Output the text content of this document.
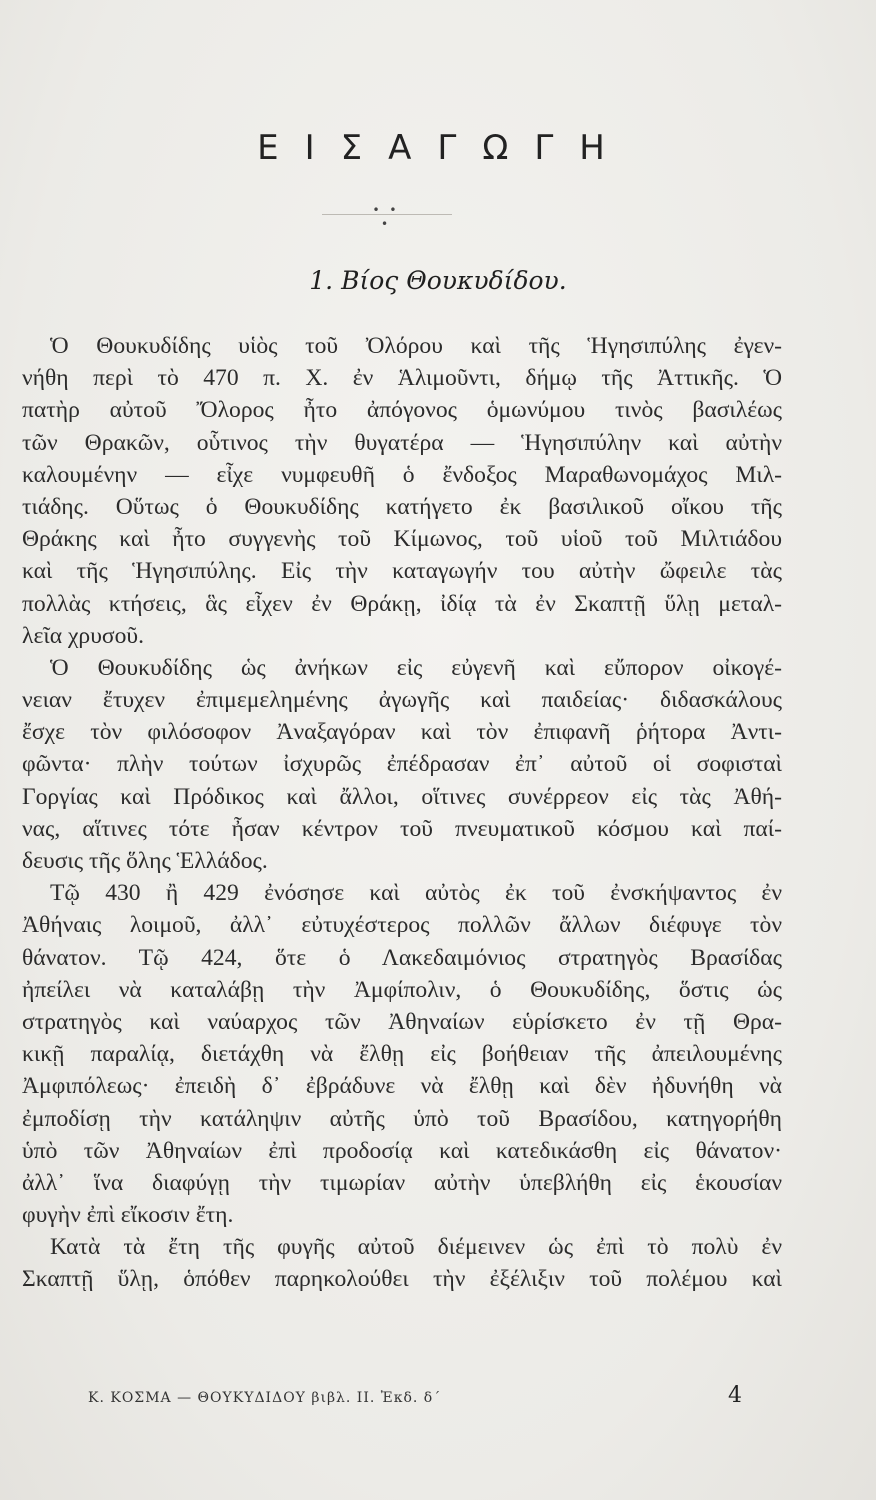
ΕΙΣΑΓΩΓΗ
• • •
1. Βίος Θουκυδίδου.
Ὁ Θουκυδίδης υἱὸς τοῦ Ὀλόρου καὶ τῆς Ἡγησιπύλης ἐγεν-
νήθη περὶ τὸ 470 π. Χ. ἐν Ἁλιμοῦντι, δήμῳ τῆς Ἀττικῆς. Ὁ
πατὴρ αὐτοῦ Ὄλορος ἦτο ἀπόγονος ὁμωνύμου τινὸς βασιλέως
τῶν Θρακῶν, οὗτινος τὴν θυγατέρα — Ἡγησιπύλην καὶ αὐτὴν
καλουμένην — εἶχε νυμφευθῆ ὁ ἔνδοξος Μαραθωνομάχος Μιλ-
τιάδης. Οὕτως ὁ Θουκυδίδης κατήγετο ἐκ βασιλικοῦ οἴκου τῆς
Θράκης καὶ ἦτο συγγενὴς τοῦ Κίμωνος, τοῦ υἱοῦ τοῦ Μιλτιάδου
καὶ τῆς Ἡγησιπύλης. Εἰς τὴν καταγωγήν του αὐτὴν ὤφειλε τὰς
πολλὰς κτήσεις, ἃς εἶχεν ἐν Θράκῃ, ἰδίᾳ τὰ ἐν Σκαπτῇ ὕλῃ μεταλ-
λεῖα χρυσοῦ.
Ὁ Θουκυδίδης ὡς ἀνήκων εἰς εὐγενῆ καὶ εὔπορον οἰκογέ-
νειαν ἔτυχεν ἐπιμεμελημένης ἀγωγῆς καὶ παιδείας· διδασκάλους
ἔσχε τὸν φιλόσοφον Ἀναξαγόραν καὶ τὸν ἐπιφανῆ ῥήτορα Ἀντι-
φῶντα· πλὴν τούτων ἰσχυρῶς ἐπέδρασαν ἐπ᾽ αὐτοῦ οἱ σοφισταὶ
Γοργίας καὶ Πρόδικος καὶ ἄλλοι, οἵτινες συνέρρεον εἰς τὰς Ἀθή-
νας, αἵτινες τότε ἦσαν κέντρον τοῦ πνευματικοῦ κόσμου καὶ παί-
δευσις τῆς ὅλης Ἑλλάδος.
Τῷ 430 ἢ 429 ἐνόσησε καὶ αὐτὸς ἐκ τοῦ ἐνσκήψαντος ἐν
Ἀθήναις λοιμοῦ, ἀλλ᾽ εὐτυχέστερος πολλῶν ἄλλων διέφυγε τὸν
θάνατον. Τῷ 424, ὅτε ὁ Λακεδαιμόνιος στρατηγὸς Βρασίδας
ἠπείλει νὰ καταλάβῃ τὴν Ἀμφίπολιν, ὁ Θουκυδίδης, ὅστις ὡς
στρατηγὸς καὶ ναύαρχος τῶν Ἀθηναίων εὑρίσκετο ἐν τῇ Θρα-
κικῇ παραλίᾳ, διετάχθη νὰ ἔλθῃ εἰς βοήθειαν τῆς ἀπειλουμένης
Ἀμφιπόλεως· ἐπειδὴ δ᾽ ἐβράδυνε νὰ ἔλθῃ καὶ δὲν ἠδυνήθη νὰ
ἐμποδίσῃ τὴν κατάληψιν αὐτῆς ὑπὸ τοῦ Βρασίδου, κατηγορήθη
ὑπὸ τῶν Ἀθηναίων ἐπὶ προδοσίᾳ καὶ κατεδικάσθη εἰς θάνατον·
ἀλλ᾽ ἵνα διαφύγῃ τὴν τιμωρίαν αὐτὴν ὑπεβλήθη εἰς ἑκουσίαν
φυγὴν ἐπὶ εἴκοσιν ἔτη.
Κατὰ τὰ ἔτη τῆς φυγῆς αὐτοῦ διέμεινεν ὡς ἐπὶ τὸ πολὺ ἐν
Σκαπτῇ ὕλῃ, ὁπόθεν παρηκολούθει τὴν ἐξέλιξιν τοῦ πολέμου καὶ
Κ. ΚΟΣΜΑ — ΘΟΥΚΥΔΙΔΟΥ βιβλ. ΙΙ. Ἐκδ. δ´	4
